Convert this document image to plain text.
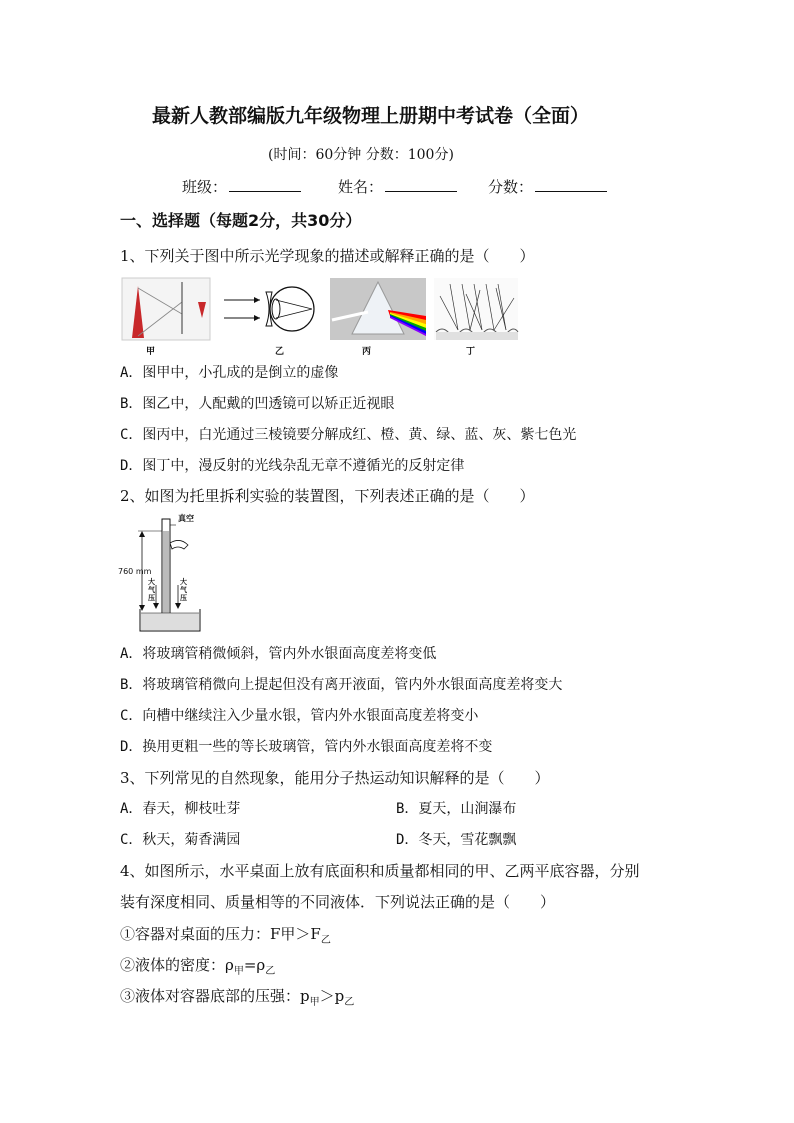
最新人教部编版九年级物理上册期中考试卷（全面）
(时间：60分钟 分数：100分)
班级：	姓名：	分数：
一、选择题（每题2分，共30分）
1、下列关于图中所示光学现象的描述或解释正确的是（　　）
甲	乙	丙	丁
A．图甲中，小孔成的是倒立的虚像
B．图乙中，人配戴的凹透镜可以矫正近视眼
C．图丙中，白光通过三棱镜要分解成红、橙、黄、绿、蓝、灰、紫七色光
D．图丁中，漫反射的光线杂乱无章不遵循光的反射定律
2、如图为托里拆利实验的装置图，下列表述正确的是（　　）
真空
760 mm
大气压
大气压
A．将玻璃管稍微倾斜，管内外水银面高度差将变低
B．将玻璃管稍微向上提起但没有离开液面，管内外水银面高度差将变大
C．向槽中继续注入少量水银，管内外水银面高度差将变小
D．换用更粗一些的等长玻璃管，管内外水银面高度差将不变
3、下列常见的自然现象，能用分子热运动知识解释的是（　　）
A．春天，柳枝吐芽	B．夏天，山涧瀑布
C．秋天，菊香满园	D．冬天，雪花飘飘
4、如图所示，水平桌面上放有底面积和质量都相同的甲、乙两平底容器，分别
装有深度相同、质量相等的不同液体．下列说法正确的是（　　）
①容器对桌面的压力：F甲$>F_乙$
②液体的密度：$\rho_甲=\rho_乙$
③液体对容器底部的压强：$p_甲>p_乙$
